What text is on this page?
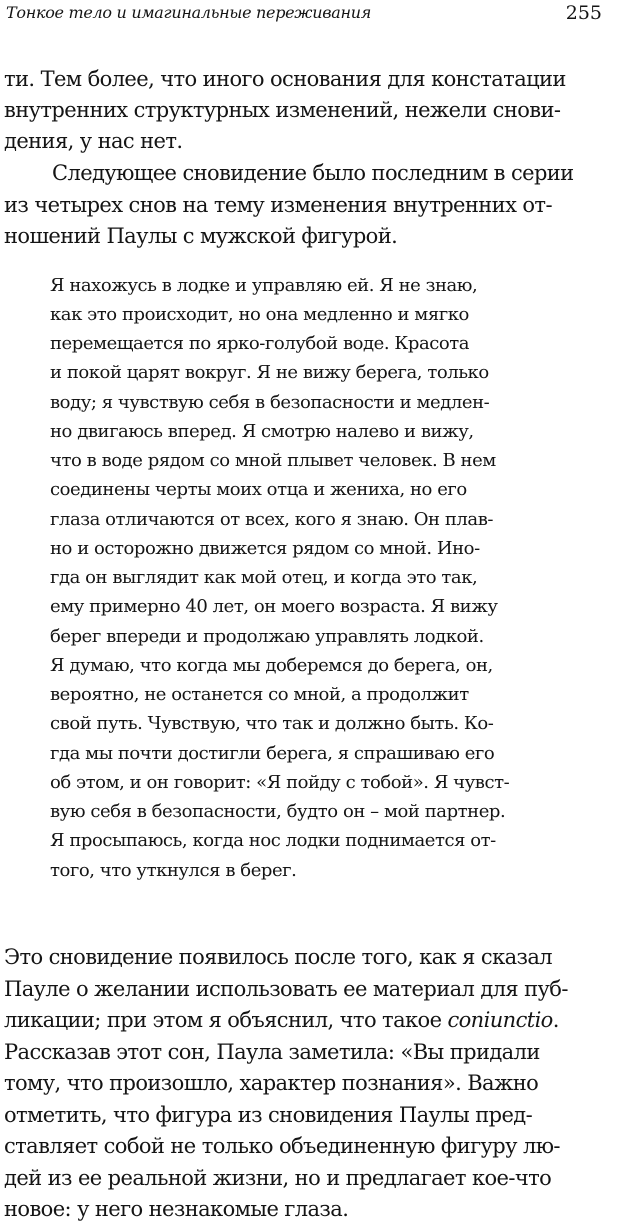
Тонкое тело и имагинальные переживания	255
ти. Тем более, что иного основания для констатации
внутренних структурных изменений, нежели снови-
дения, у нас нет.
Следующее сновидение было последним в серии
из четырех снов на тему изменения внутренних от-
ношений Паулы с мужской фигурой.
Я нахожусь в лодке и управляю ей. Я не знаю,
как это происходит, но она медленно и мягко
перемещается по ярко-голубой воде. Красота
и покой царят вокруг. Я не вижу берега, только
воду; я чувствую себя в безопасности и медлен-
но двигаюсь вперед. Я смотрю налево и вижу,
что в воде рядом со мной плывет человек. В нем
соединены черты моих отца и жениха, но его
глаза отличаются от всех, кого я знаю. Он плав-
но и осторожно движется рядом со мной. Ино-
гда он выглядит как мой отец, и когда это так,
ему примерно 40 лет, он моего возраста. Я вижу
берег впереди и продолжаю управлять лодкой.
Я думаю, что когда мы доберемся до берега, он,
вероятно, не останется со мной, а продолжит
свой путь. Чувствую, что так и должно быть. Ко-
гда мы почти достигли берега, я спрашиваю его
об этом, и он говорит: «Я пойду с тобой». Я чувст-
вую себя в безопасности, будто он – мой партнер.
Я просыпаюсь, когда нос лодки поднимается от-
того, что уткнулся в берег.
Это сновидение появилось после того, как я сказал
Пауле о желании использовать ее материал для пуб-
ликации; при этом я объяснил, что такое coniunctio.
Рассказав этот сон, Паула заметила: «Вы придали
тому, что произошло, характер познания». Важно
отметить, что фигура из сновидения Паулы пред-
ставляет собой не только объединенную фигуру лю-
дей из ее реальной жизни, но и предлагает кое-что
новое: у него незнакомые глаза.
